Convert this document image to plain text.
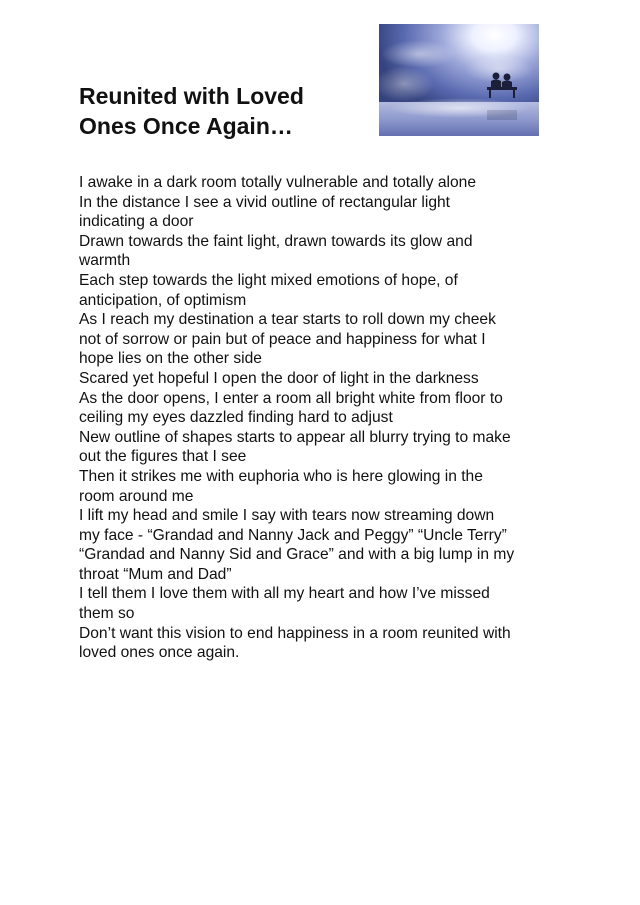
Reunited with Loved
Ones Once Again…
I awake in a dark room totally vulnerable and totally alone
In the distance I see a vivid outline of rectangular light
indicating a door
Drawn towards the faint light, drawn towards its glow and
warmth
Each step towards the light mixed emotions of hope, of
anticipation, of optimism
As I reach my destination a tear starts to roll down my cheek
not of sorrow or pain but of peace and happiness for what I
hope lies on the other side
Scared yet hopeful I open the door of light in the darkness
As the door opens, I enter a room all bright white from floor to
ceiling my eyes dazzled finding hard to adjust
New outline of shapes starts to appear all blurry trying to make
out the figures that I see
Then it strikes me with euphoria who is here glowing in the
room around me
I lift my head and smile I say with tears now streaming down
my face - “Grandad and Nanny Jack and Peggy” “Uncle Terry”
“Grandad and Nanny Sid and Grace” and with a big lump in my
throat “Mum and Dad”
I tell them I love them with all my heart and how I’ve missed
them so
Don’t want this vision to end happiness in a room reunited with
loved ones once again.
